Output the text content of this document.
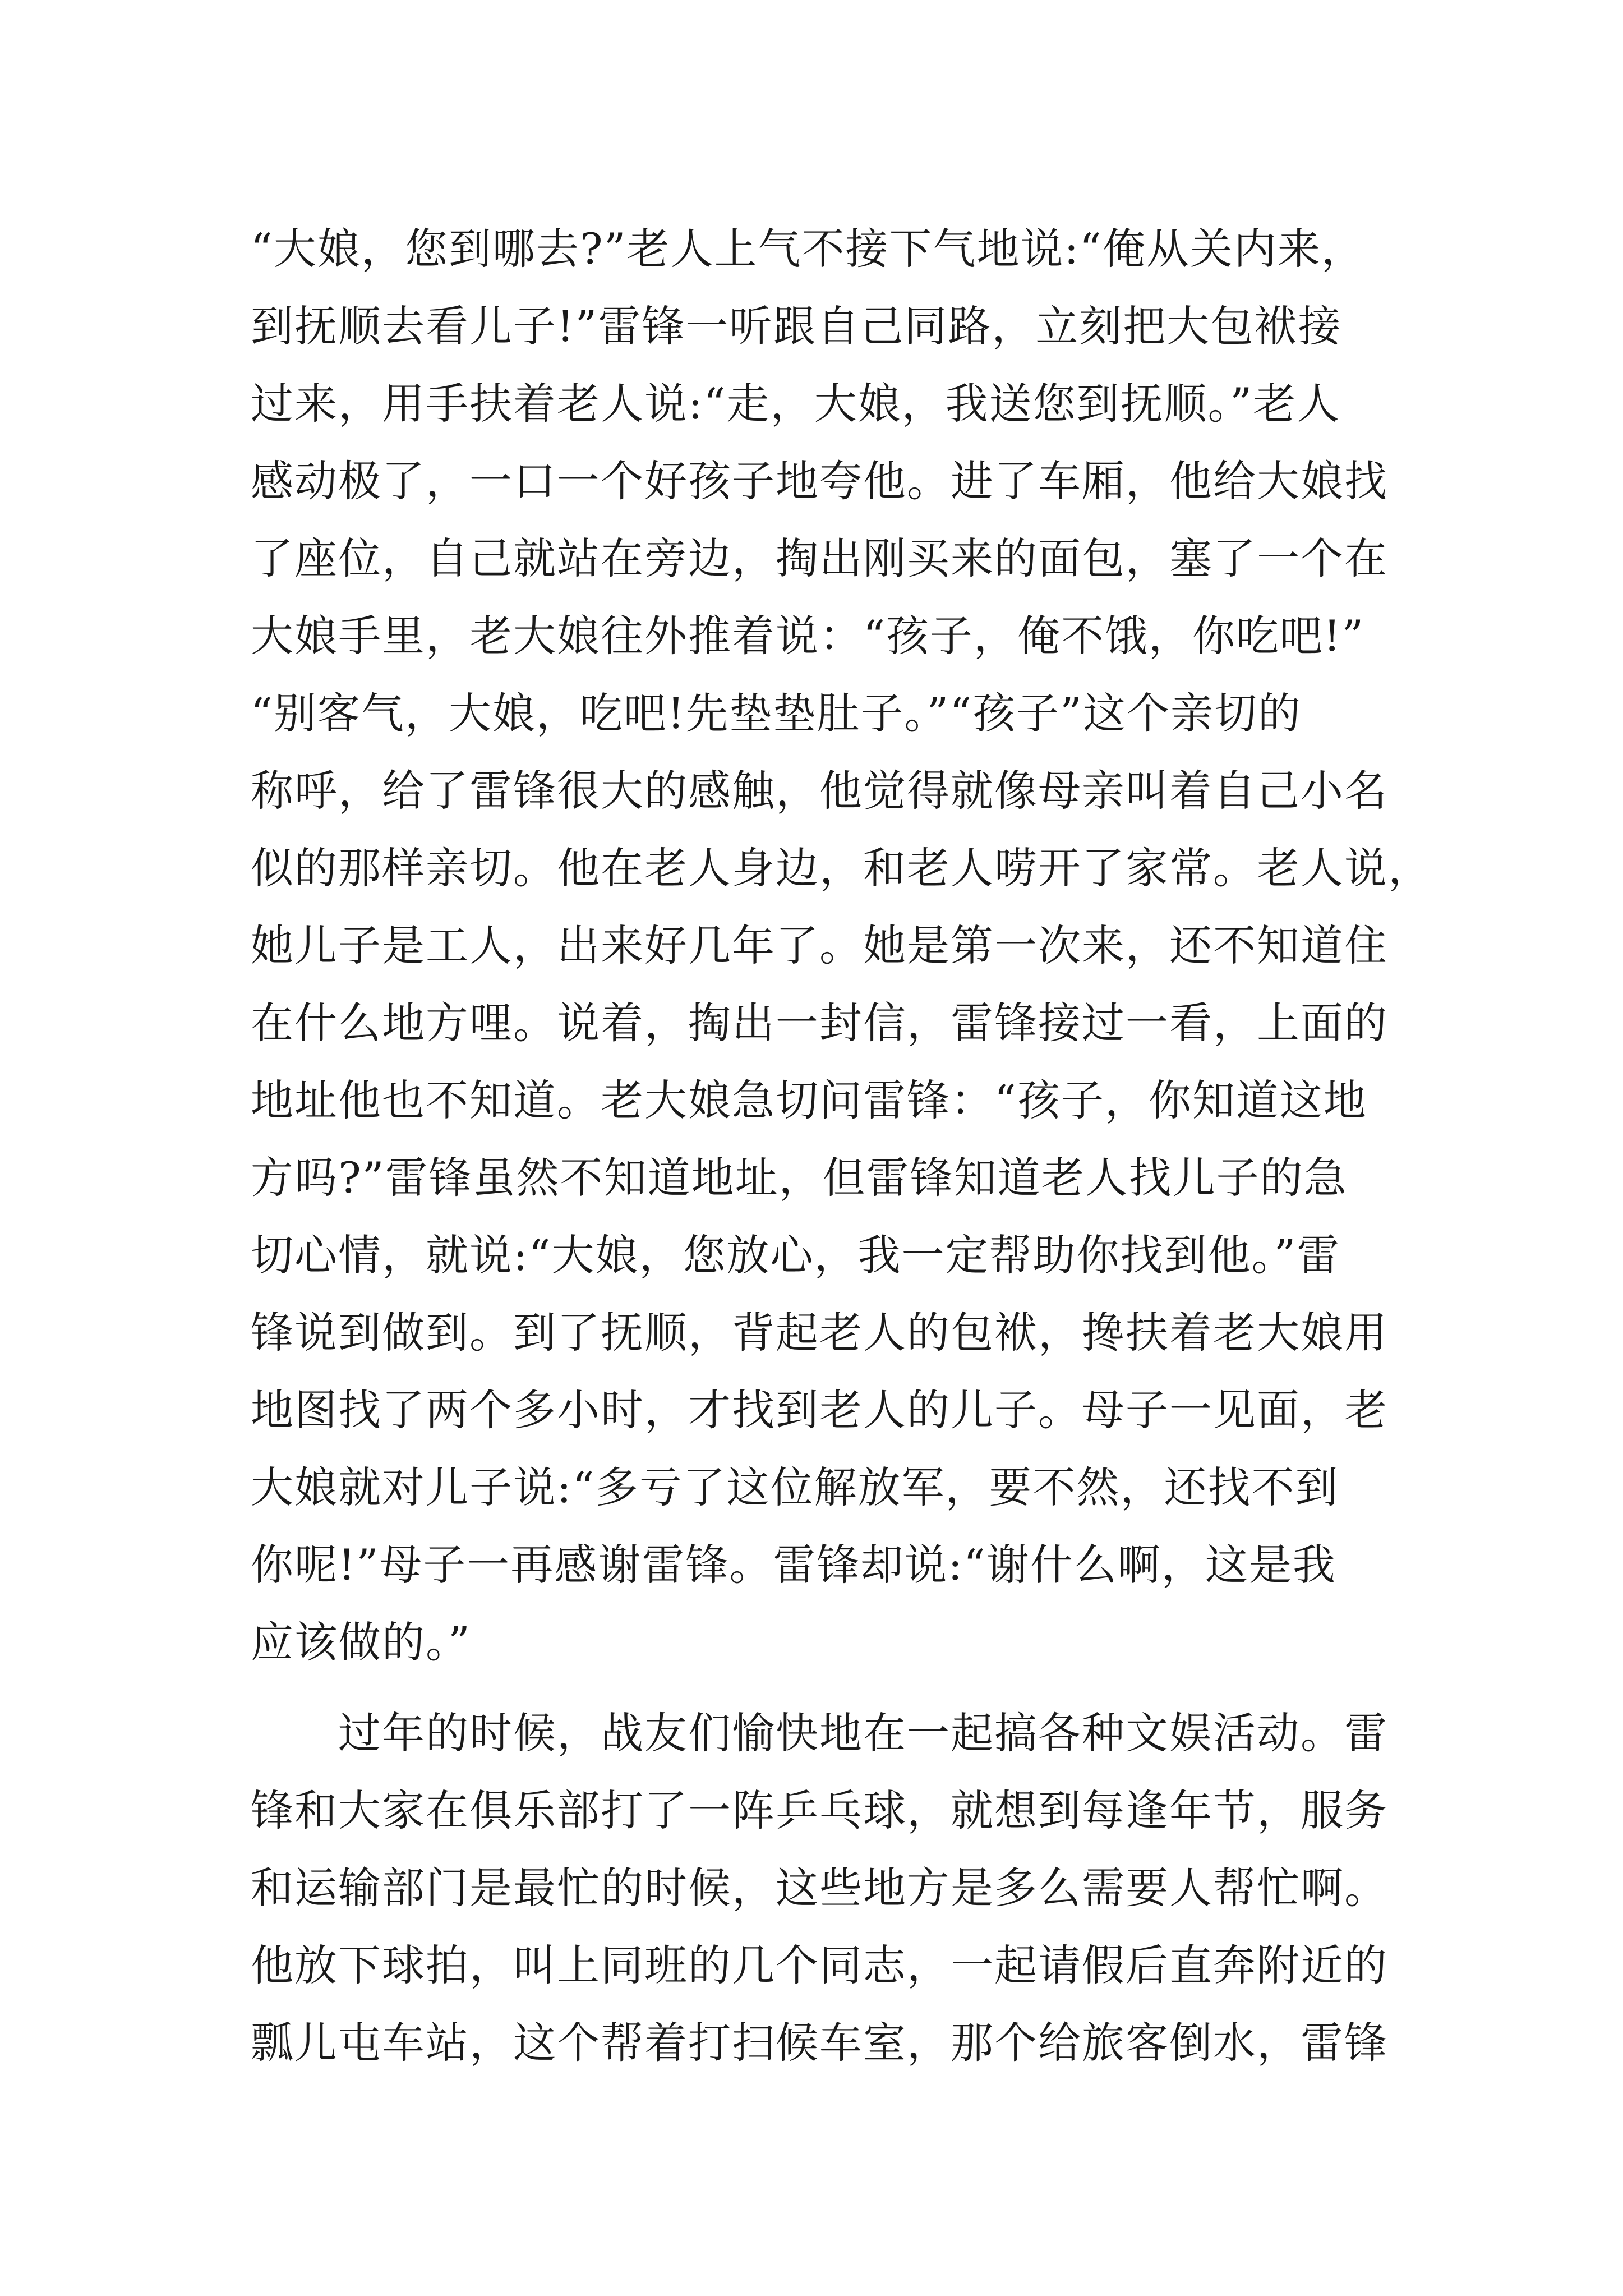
“大娘，您到哪去?”老人上气不接下气地说:“俺从关内来，
到抚顺去看儿子!”雷锋一听跟自己同路，立刻把大包袱接
过来，用手扶着老人说:“走，大娘，我送您到抚顺。”老人
感动极了，一口一个好孩子地夸他。进了车厢，他给大娘找
了座位，自己就站在旁边，掏出刚买来的面包，塞了一个在
大娘手里，老大娘往外推着说：“孩子，俺不饿，你吃吧!”
“别客气，大娘，吃吧!先垫垫肚子。”“孩子”这个亲切的
称呼，给了雷锋很大的感触，他觉得就像母亲叫着自己小名
似的那样亲切。他在老人身边，和老人唠开了家常。老人说，
她儿子是工人，出来好几年了。她是第一次来，还不知道住
在什么地方哩。说着，掏出一封信，雷锋接过一看，上面的
地址他也不知道。老大娘急切问雷锋：“孩子，你知道这地
方吗?”雷锋虽然不知道地址，但雷锋知道老人找儿子的急
切心情，就说:“大娘，您放心，我一定帮助你找到他。”雷
锋说到做到。到了抚顺，背起老人的包袱，搀扶着老大娘用
地图找了两个多小时，才找到老人的儿子。母子一见面，老
大娘就对儿子说:“多亏了这位解放军，要不然，还找不到
你呢!”母子一再感谢雷锋。雷锋却说:“谢什么啊，这是我
应该做的。”
　　过年的时候，战友们愉快地在一起搞各种文娱活动。雷
锋和大家在俱乐部打了一阵乒乓球，就想到每逢年节，服务
和运输部门是最忙的时候，这些地方是多么需要人帮忙啊。
他放下球拍，叫上同班的几个同志，一起请假后直奔附近的
瓢儿屯车站，这个帮着打扫候车室，那个给旅客倒水，雷锋
